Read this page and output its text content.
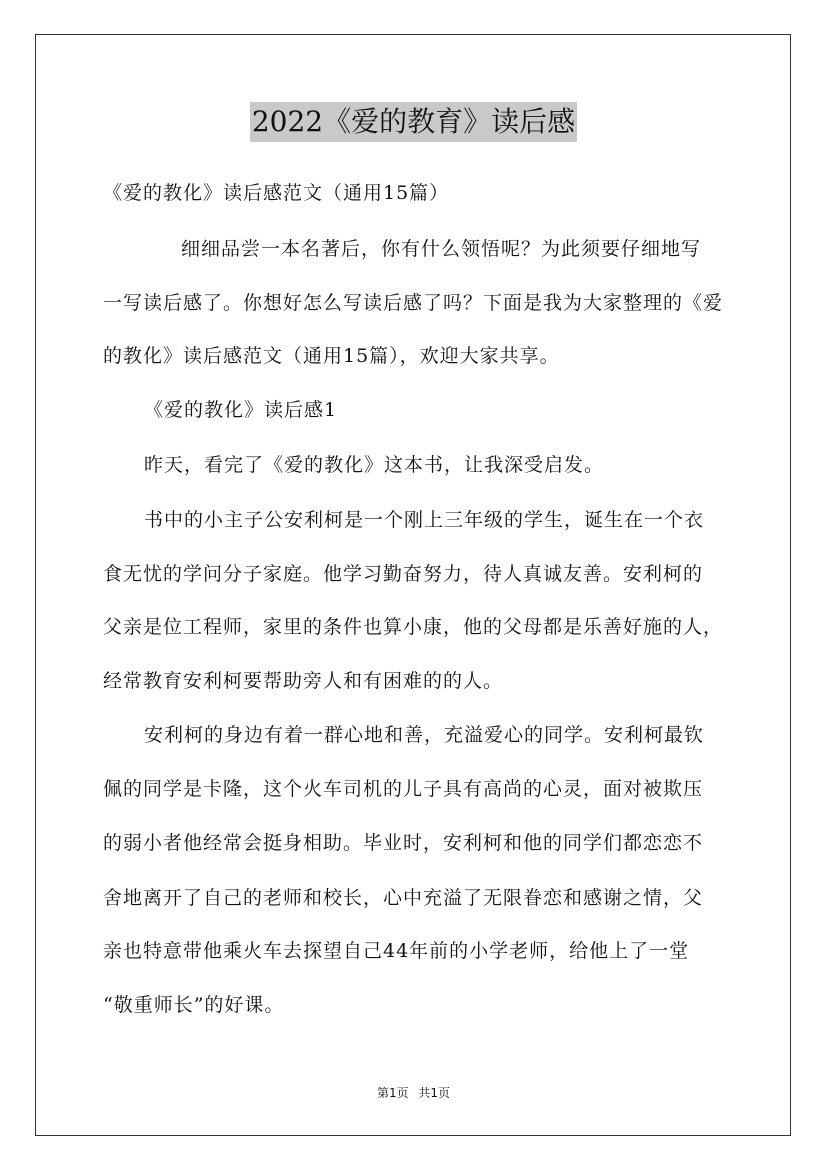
2022《爱的教育》读后感
《爱的教化》读后感范文（通用15篇）
细细品尝一本名著后，你有什么领悟呢？为此须要仔细地写
一写读后感了。你想好怎么写读后感了吗？下面是我为大家整理的《爱
的教化》读后感范文（通用15篇），欢迎大家共享。
《爱的教化》读后感1
昨天，看完了《爱的教化》这本书，让我深受启发。
书中的小主子公安利柯是一个刚上三年级的学生，诞生在一个衣
食无忧的学问分子家庭。他学习勤奋努力，待人真诚友善。安利柯的
父亲是位工程师，家里的条件也算小康，他的父母都是乐善好施的人，
经常教育安利柯要帮助旁人和有困难的的人。
安利柯的身边有着一群心地和善，充溢爱心的同学。安利柯最钦
佩的同学是卡隆，这个火车司机的儿子具有高尚的心灵，面对被欺压
的弱小者他经常会挺身相助。毕业时，安利柯和他的同学们都恋恋不
舍地离开了自己的老师和校长，心中充溢了无限眷恋和感谢之情，父
亲也特意带他乘火车去探望自己44年前的小学老师，给他上了一堂
“敬重师长”的好课。
第1页 共1页
